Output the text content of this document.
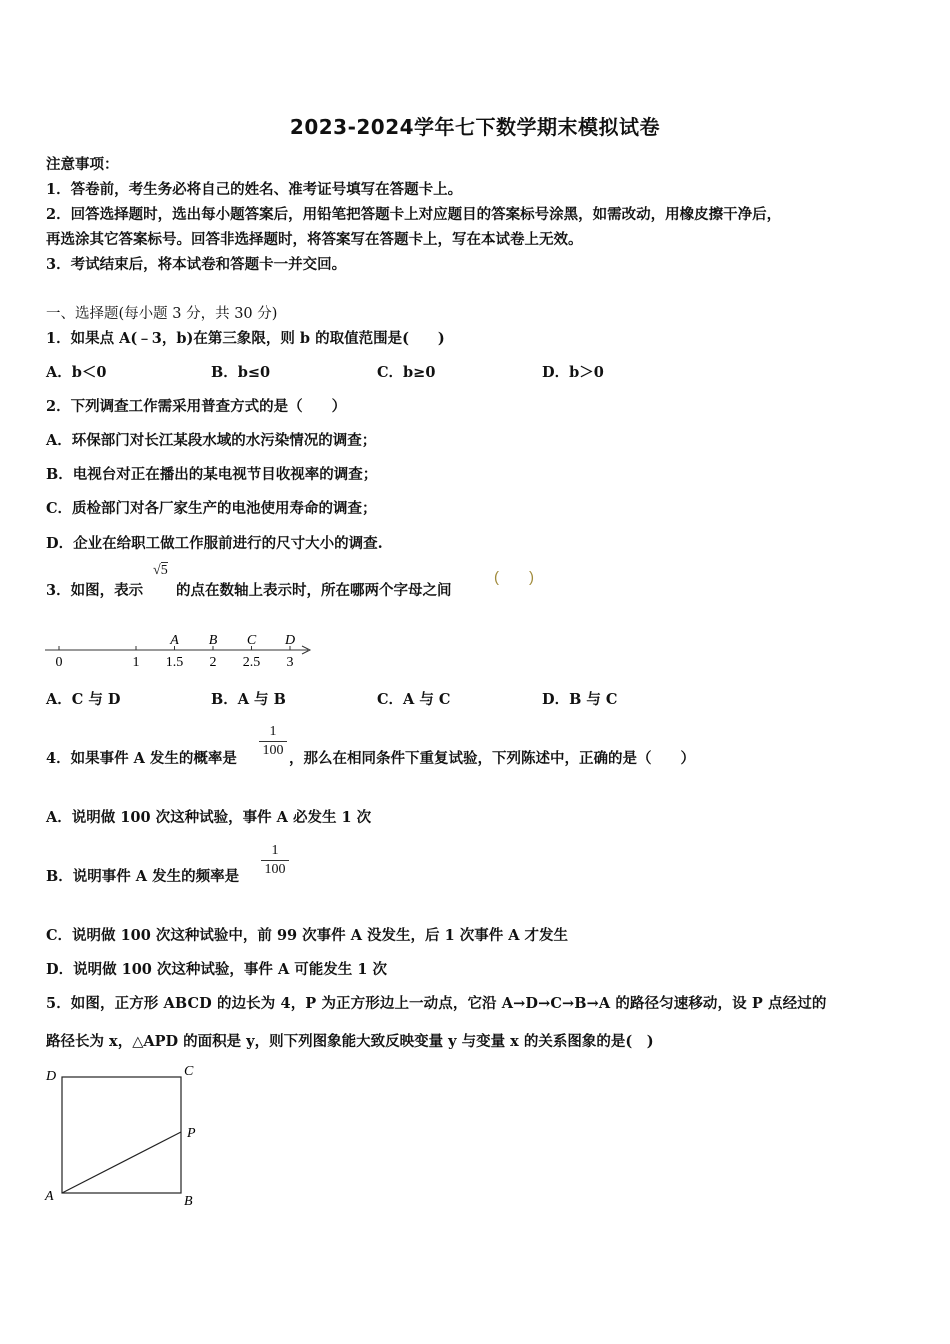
2023-2024学年七下数学期末模拟试卷
注意事项：
1．答卷前，考生务必将自己的姓名、准考证号填写在答题卡上。
2．回答选择题时，选出每小题答案后，用铅笔把答题卡上对应题目的答案标号涂黑，如需改动，用橡皮擦干净后，
再选涂其它答案标号。回答非选择题时，将答案写在答题卡上，写在本试卷上无效。
3．考试结束后，将本试卷和答题卡一并交回。
一、选择题(每小题 3 分，共 30 分)
1．如果点 A(﹣3，b)在第三象限，则 b 的取值范围是(　　)
A．b＜0	B．b≤0	C．b≥0	D．b＞0
2．下列调查工作需采用普查方式的是（　　）
A．环保部门对长江某段水域的水污染情况的调查；
B．电视台对正在播出的某电视节目收视率的调查；
C．质检部门对各厂家生产的电池使用寿命的调查；
D．企业在给职工做工作服前进行的尺寸大小的调查.
3．如图，表示
√5
的点在数轴上表示时，所在哪两个字母之间
(　　)
0	1 1.5 2 2.5 3
A B C D
A．C 与 D	B．A 与 B	C．A 与 C	D．B 与 C
4．如果事件 A 发生的概率是
1
100 ，那么在相同条件下重复试验，下列陈述中，正确的是（　　）
A．说明做 100 次这种试验，事件 A 必发生 1 次
B．说明事件 A 发生的频率是
1
100
C．说明做 100 次这种试验中，前 99 次事件 A 没发生，后 1 次事件 A 才发生
D．说明做 100 次这种试验，事件 A 可能发生 1 次
5．如图，正方形 ABCD 的边长为 4，P 为正方形边上一动点，它沿 A→D→C→B→A 的路径匀速移动，设 P 点经过的
路径长为 x，△APD 的面积是 y，则下列图象能大致反映变量 y 与变量 x 的关系图象的是(　)
D	C
P
A	B
